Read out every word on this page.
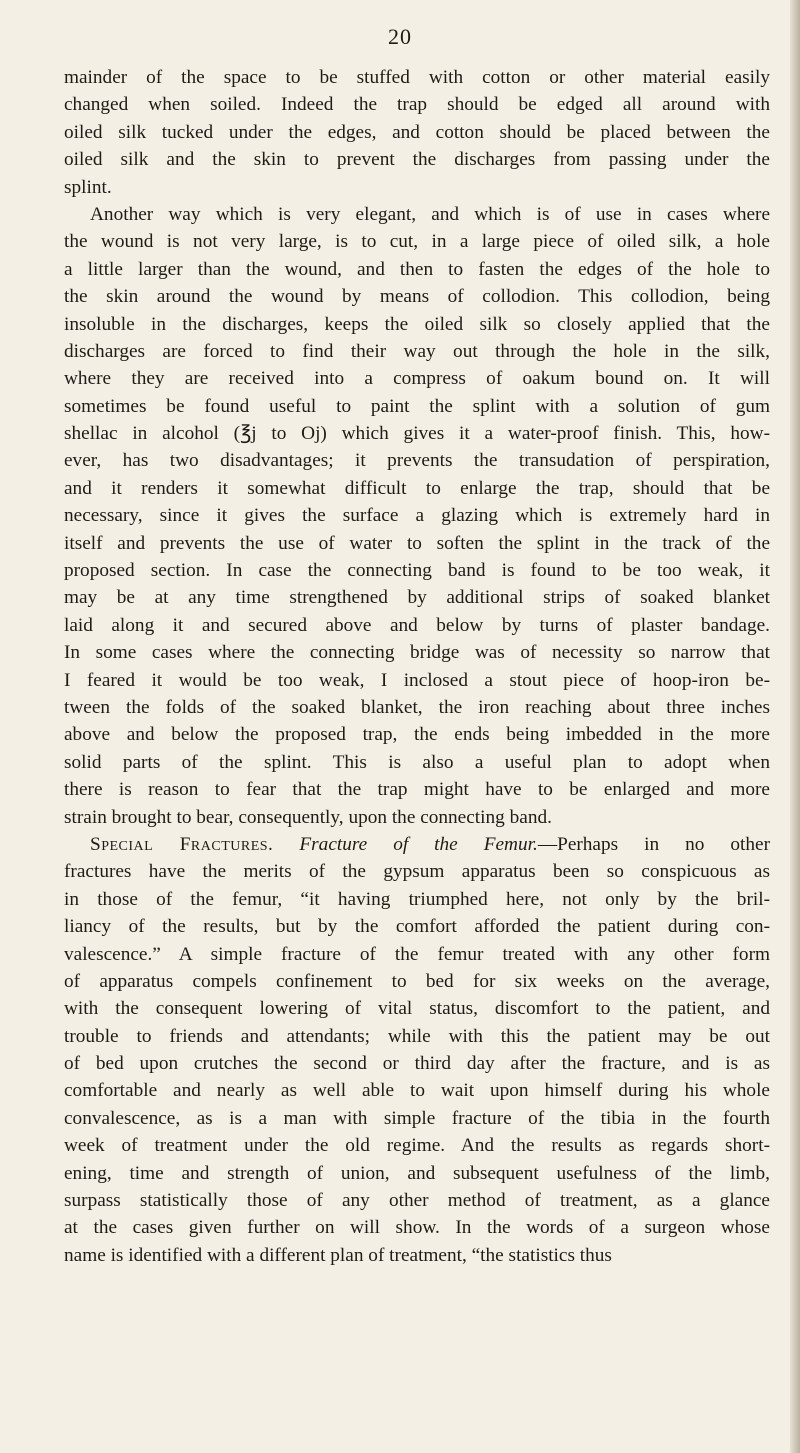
20
mainder of the space to be stuffed with cotton or other material easily
changed when soiled. Indeed the trap should be edged all around with
oiled silk tucked under the edges, and cotton should be placed between the
oiled silk and the skin to prevent the discharges from passing under the
splint.
Another way which is very elegant, and which is of use in cases where
the wound is not very large, is to cut, in a large piece of oiled silk, a hole
a little larger than the wound, and then to fasten the edges of the hole to
the skin around the wound by means of collodion. This collodion, being
insoluble in the discharges, keeps the oiled silk so closely applied that the
discharges are forced to find their way out through the hole in the silk,
where they are received into a compress of oakum bound on. It will
sometimes be found useful to paint the splint with a solution of gum
shellac in alcohol (℥j to Oj) which gives it a water-proof finish. This, how-
ever, has two disadvantages; it prevents the transudation of perspiration,
and it renders it somewhat difficult to enlarge the trap, should that be
necessary, since it gives the surface a glazing which is extremely hard in
itself and prevents the use of water to soften the splint in the track of the
proposed section. In case the connecting band is found to be too weak, it
may be at any time strengthened by additional strips of soaked blanket
laid along it and secured above and below by turns of plaster bandage.
In some cases where the connecting bridge was of necessity so narrow that
I feared it would be too weak, I inclosed a stout piece of hoop-iron be-
tween the folds of the soaked blanket, the iron reaching about three inches
above and below the proposed trap, the ends being imbedded in the more
solid parts of the splint. This is also a useful plan to adopt when
there is reason to fear that the trap might have to be enlarged and more
strain brought to bear, consequently, upon the connecting band.
Special Fractures. Fracture of the Femur.—Perhaps in no other
fractures have the merits of the gypsum apparatus been so conspicuous as
in those of the femur, “it having triumphed here, not only by the bril-
liancy of the results, but by the comfort afforded the patient during con-
valescence.” A simple fracture of the femur treated with any other form
of apparatus compels confinement to bed for six weeks on the average,
with the consequent lowering of vital status, discomfort to the patient, and
trouble to friends and attendants; while with this the patient may be out
of bed upon crutches the second or third day after the fracture, and is as
comfortable and nearly as well able to wait upon himself during his whole
convalescence, as is a man with simple fracture of the tibia in the fourth
week of treatment under the old regime. And the results as regards short-
ening, time and strength of union, and subsequent usefulness of the limb,
surpass statistically those of any other method of treatment, as a glance
at the cases given further on will show. In the words of a surgeon whose
name is identified with a different plan of treatment, “the statistics thus
